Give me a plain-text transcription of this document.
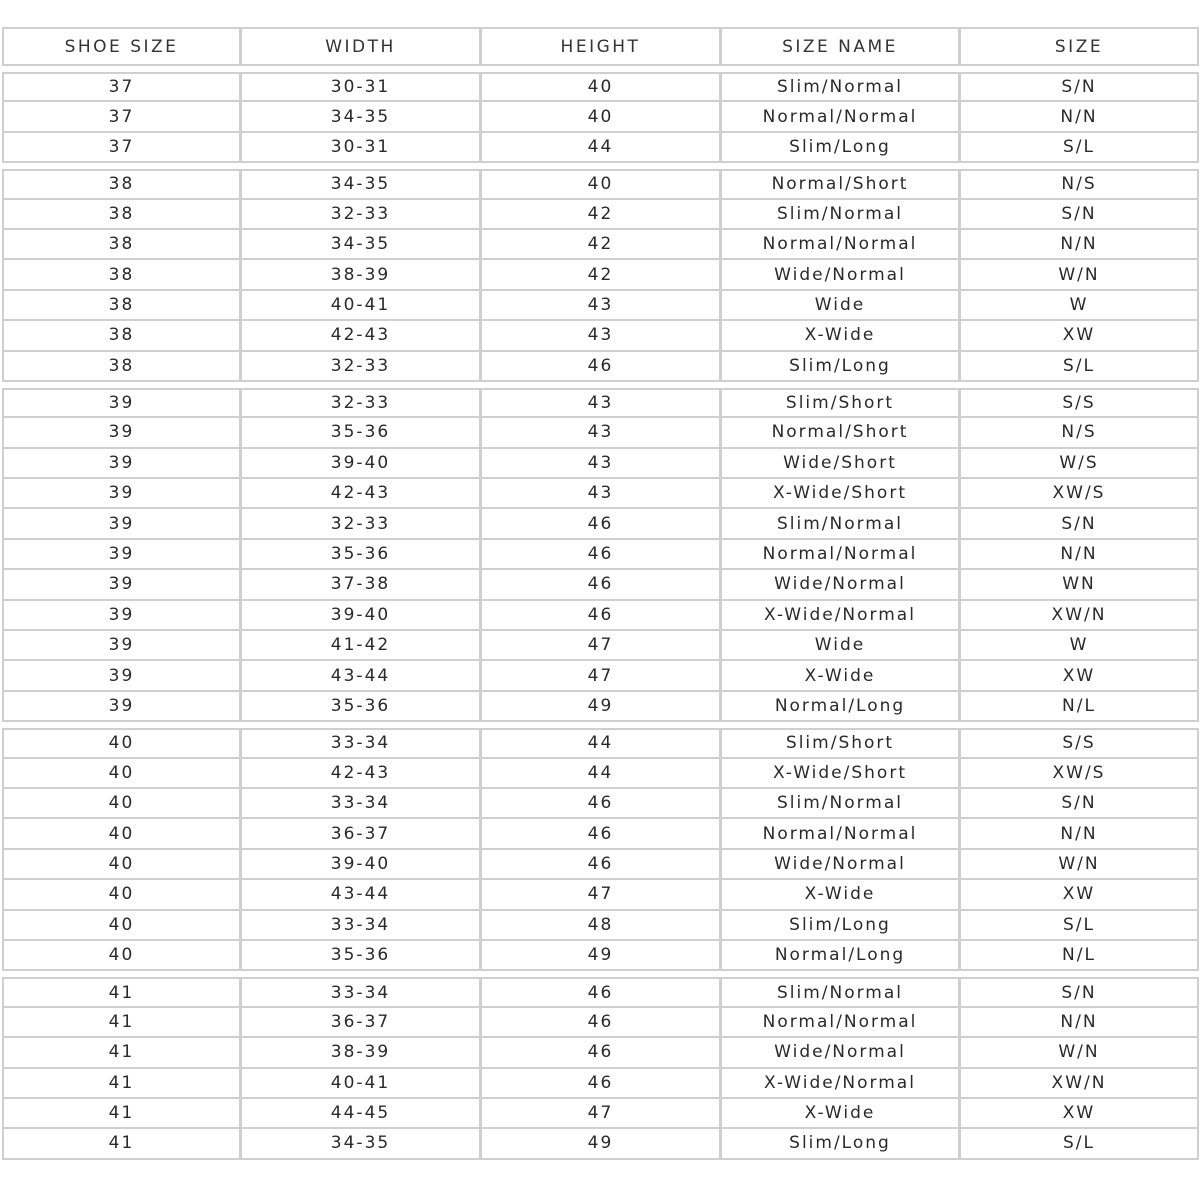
SHOE SIZE	WIDTH	HEIGHT	SIZE NAME	SIZE
37	30-31	40	Slim/Normal	S/N
37	34-35	40	Normal/Normal	N/N
37	30-31	44	Slim/Long	S/L
38	34-35	40	Normal/Short	N/S
38	32-33	42	Slim/Normal	S/N
38	34-35	42	Normal/Normal	N/N
38	38-39	42	Wide/Normal	W/N
38	40-41	43	Wide	W
38	42-43	43	X-Wide	XW
38	32-33	46	Slim/Long	S/L
39	32-33	43	Slim/Short	S/S
39	35-36	43	Normal/Short	N/S
39	39-40	43	Wide/Short	W/S
39	42-43	43	X-Wide/Short	XW/S
39	32-33	46	Slim/Normal	S/N
39	35-36	46	Normal/Normal	N/N
39	37-38	46	Wide/Normal	WN
39	39-40	46	X-Wide/Normal	XW/N
39	41-42	47	Wide	W
39	43-44	47	X-Wide	XW
39	35-36	49	Normal/Long	N/L
40	33-34	44	Slim/Short	S/S
40	42-43	44	X-Wide/Short	XW/S
40	33-34	46	Slim/Normal	S/N
40	36-37	46	Normal/Normal	N/N
40	39-40	46	Wide/Normal	W/N
40	43-44	47	X-Wide	XW
40	33-34	48	Slim/Long	S/L
40	35-36	49	Normal/Long	N/L
41	33-34	46	Slim/Normal	S/N
41	36-37	46	Normal/Normal	N/N
41	38-39	46	Wide/Normal	W/N
41	40-41	46	X-Wide/Normal	XW/N
41	44-45	47	X-Wide	XW
41	34-35	49	Slim/Long	S/L
